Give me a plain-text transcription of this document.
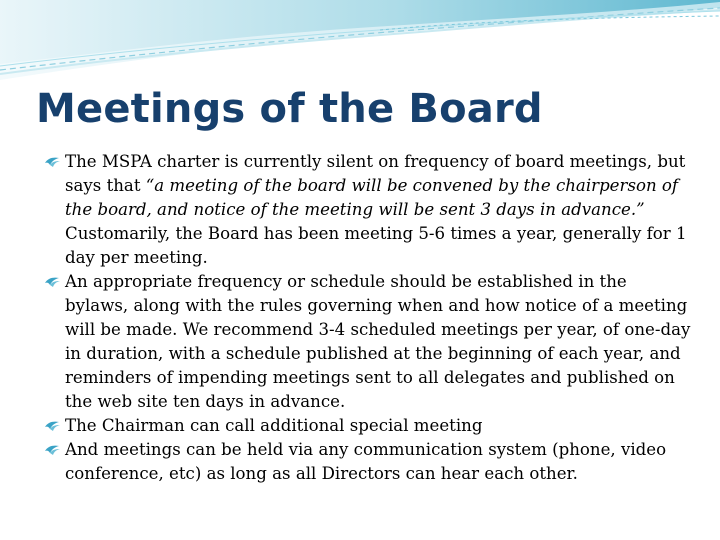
Meetings of the Board
The MSPA charter is currently silent on frequency of board meetings, but says that “a meeting of the board will be convened by the chairperson of the board, and notice of the meeting will be sent 3 days in advance.” Customarily, the Board has been meeting 5-6 times a year, generally for 1 day per meeting.
An appropriate frequency or schedule should be established in the bylaws, along with the rules governing when and how notice of a meeting will be made. We recommend 3-4 scheduled meetings per year, of one-day in duration, with a schedule published at the beginning of each year, and reminders of impending meetings sent to all delegates and published on the web site ten days in advance.
The Chairman can call additional special meeting
And meetings can be held via any communication system (phone, video conference, etc) as long as all Directors can hear each other.
